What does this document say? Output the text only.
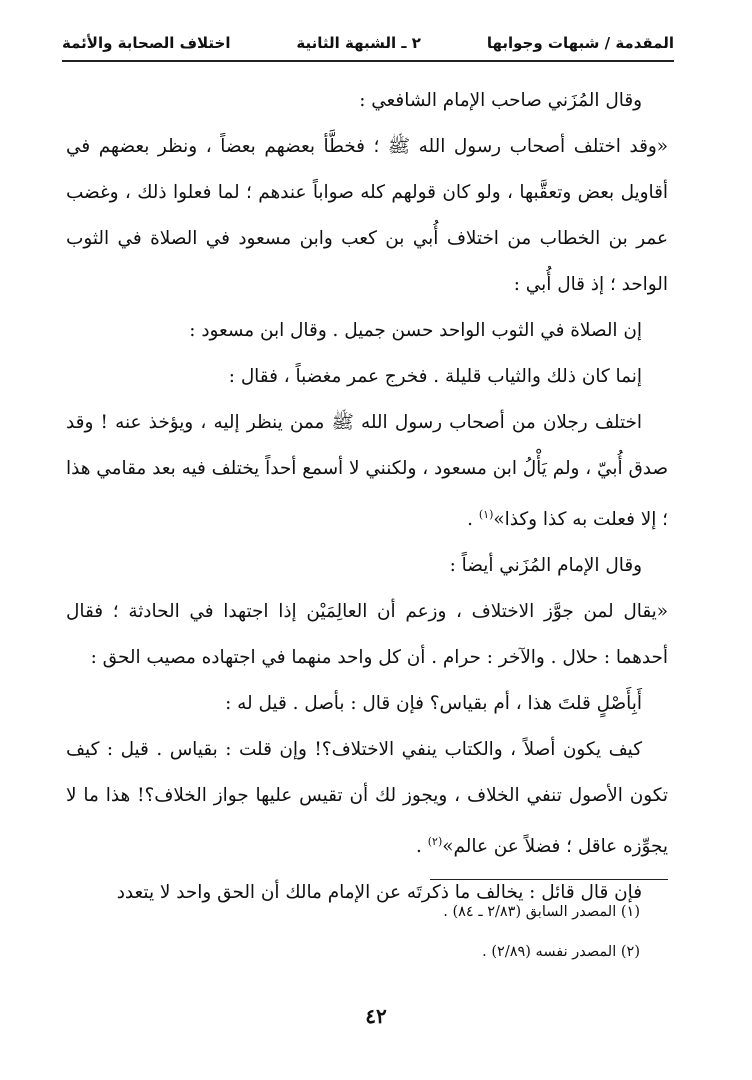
المقدمة / شبهات وجوابها
٢ ـ الشبهة الثانية
اختلاف الصحابة والأئمة

وقال المُزَني صاحب الإمام الشافعي :

«وقد اختلف أصحاب رسول الله ﷺ ؛ فخطَّأ بعضهم بعضاً ، ونظر بعضهم في أقاويل بعض وتعقَّبها ، ولو كان قولهم كله صواباً عندهم ؛ لما فعلوا ذلك ، وغضب عمر بن الخطاب من اختلاف أُبي بن كعب وابن مسعود في الصلاة في الثوب الواحد ؛ إذ قال أُبي :

إن الصلاة في الثوب الواحد حسن جميل . وقال ابن مسعود :

إنما كان ذلك والثياب قليلة . فخرج عمر مغضباً ، فقال :

اختلف رجلان من أصحاب رسول الله ﷺ ممن ينظر إليه ، ويؤخذ عنه ! وقد صدق أُبيّ ، ولم يَأْلُ ابن مسعود ، ولكنني لا أسمع أحداً يختلف فيه بعد مقامي هذا ؛ إلا فعلت به كذا وكذا»$^{(١)}$ .

وقال الإمام المُزَني أيضاً :

«يقال لمن جوَّز الاختلاف ، وزعم أن العالِمَيْن إذا اجتهدا في الحادثة ؛ فقال أحدهما : حلال . والآخر : حرام . أن كل واحد منهما في اجتهاده مصيب الحق :

أَبِأَصْلٍ قلتَ هذا ، أم بقياس؟ فإن قال : بأصل . قيل له :

كيف يكون أصلاً ، والكتاب ينفي الاختلاف؟! وإن قلت : بقياس . قيل : كيف تكون الأصول تنفي الخلاف ، ويجوز لك أن تقيس عليها جواز الخلاف؟! هذا ما لا يجوِّزه عاقل ؛ فضلاً عن عالم»$^{(٢)}$ .

فإن قال قائل : يخالف ما ذكرتَه عن الإمام مالك أن الحق واحد لا يتعدد

(١) المصدر السابق (٢/٨٣ ـ ٨٤) .

(٢) المصدر نفسه (٢/٨٩) .

٤٢
